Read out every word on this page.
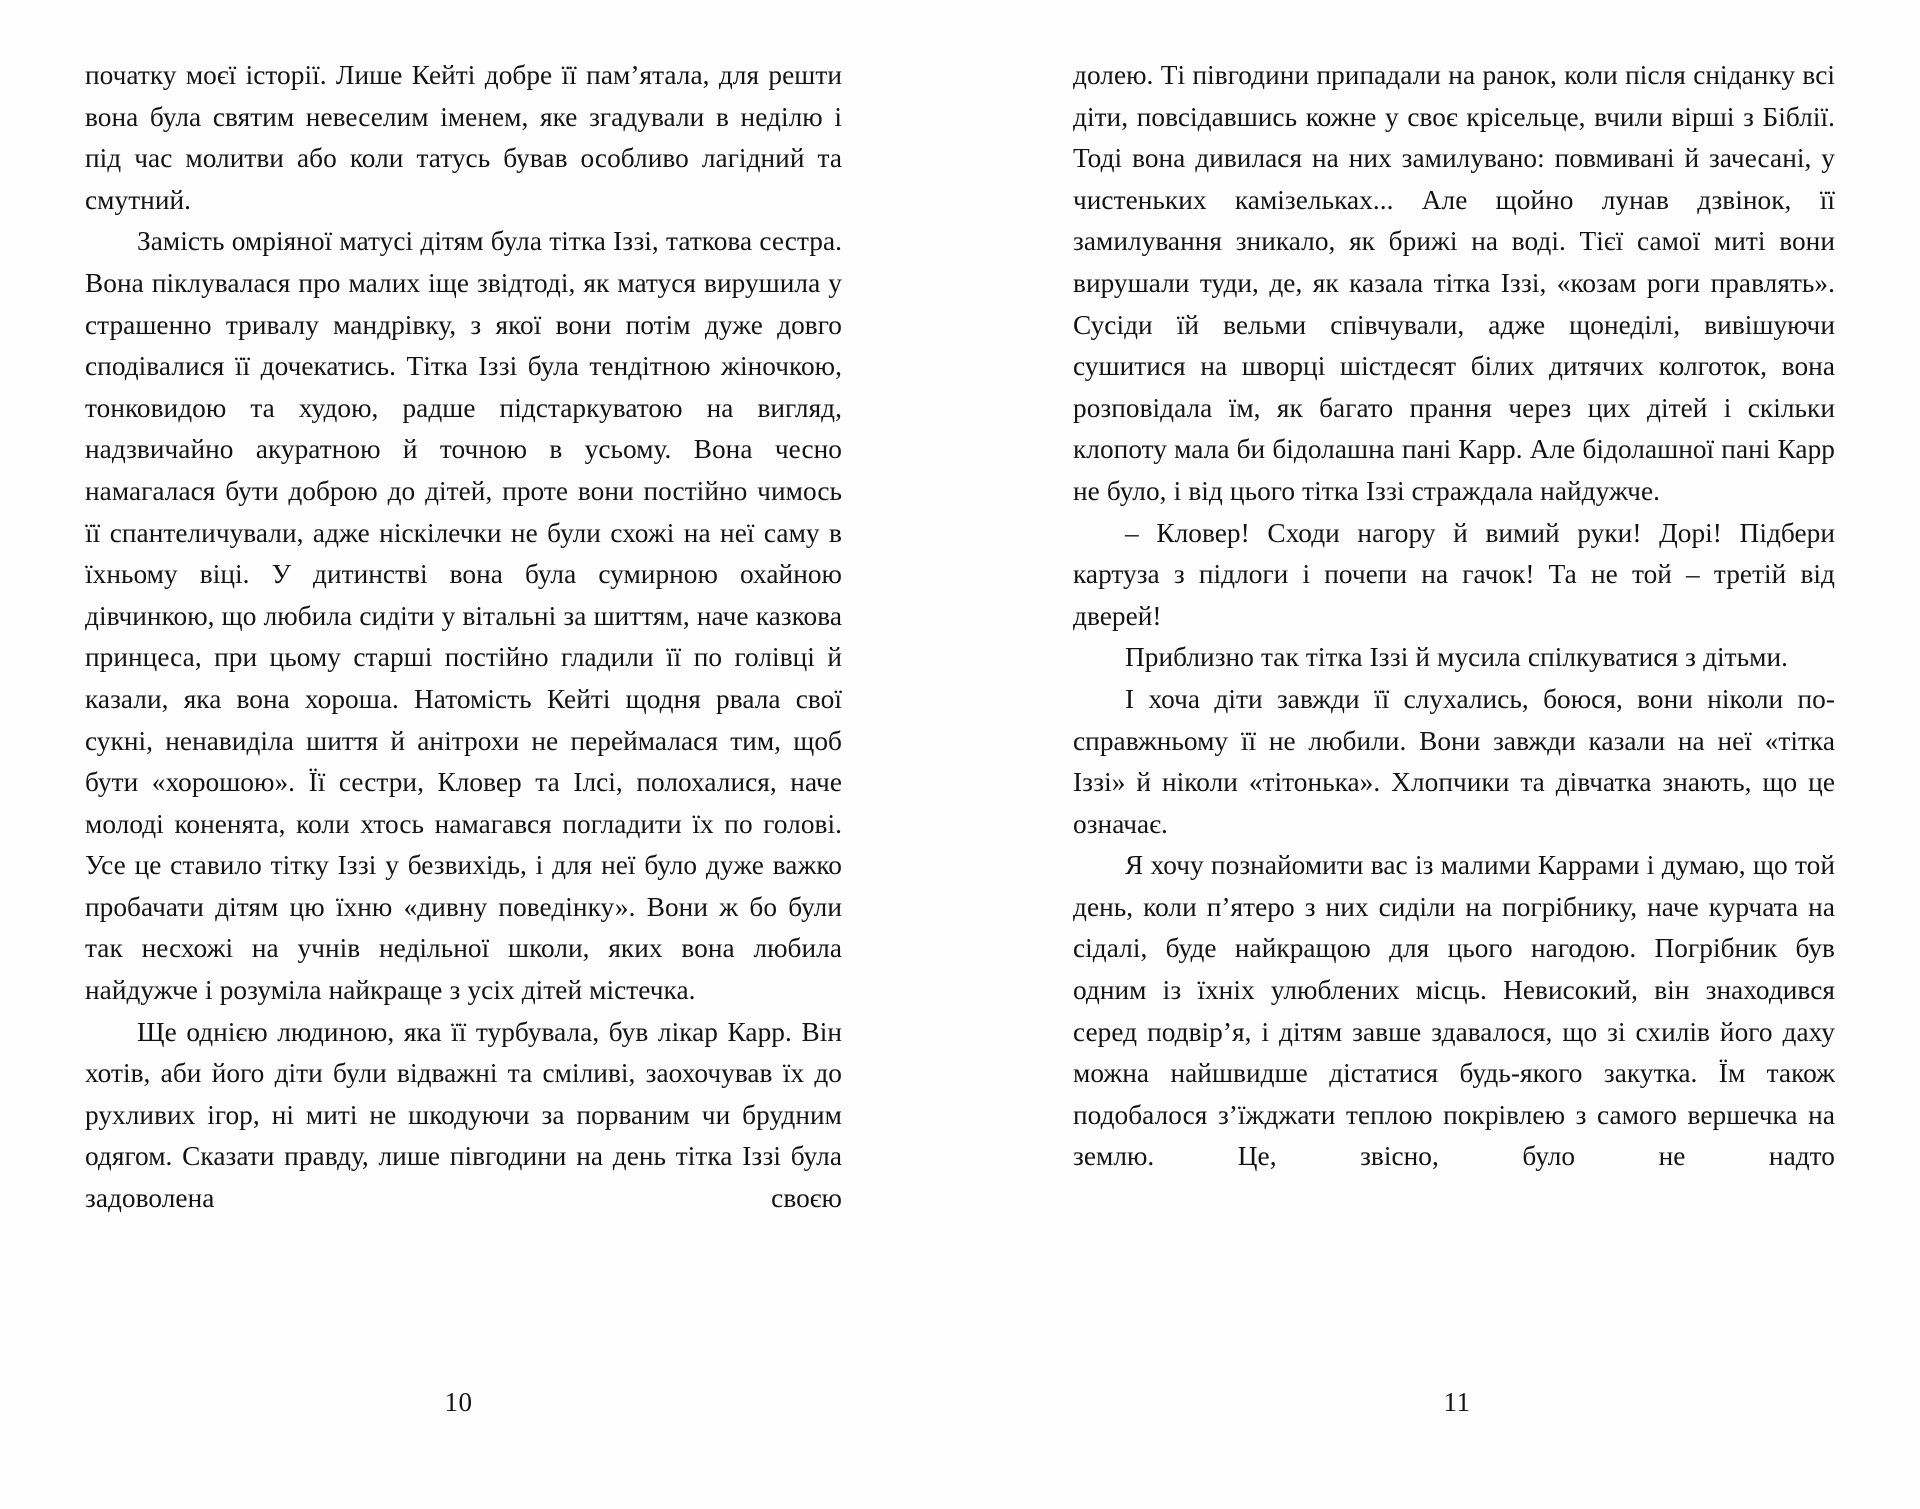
початку моєї історії. Лише Кейті добре її пам’ятала, для решти вона була святим невеселим іменем, яке згадували в неділю і під час молитви або коли татусь бував особливо лагідний та смутний.

Замість омріяної матусі дітям була тітка Іззі, таткова сестра. Вона піклувалася про малих іще звідтоді, як матуся вирушила у страшенно тривалу мандрівку, з якої вони потім дуже довго сподівалися її дочекатись. Тітка Іззі була тендітною жіночкою, тонковидою та худою, радше підстаркуватою на вигляд, надзвичайно акуратною й точною в усьому. Вона чесно намагалася бути доброю до дітей, проте вони постійно чимось її спантеличували, адже ніскілечки не були схожі на неї саму в їхньому віці. У дитинстві вона була сумирною охайною дівчинкою, що любила сидіти у вітальні за шиттям, наче казкова принцеса, при цьому старші постійно гладили її по голівці й казали, яка вона хороша. Натомість Кейті щодня рвала свої сукні, ненавиділа шиття й анітрохи не переймалася тим, щоб бути «хорошою». Її сестри, Кловер та Ілсі, полохалися, наче молоді коненята, коли хтось намагався погладити їх по голові. Усе це ставило тітку Іззі у безвихідь, і для неї було дуже важко пробачати дітям цю їхню «дивну поведінку». Вони ж бо були так несхожі на учнів недільної школи, яких вона любила найдужче і розуміла найкраще з усіх дітей містечка.

Ще однією людиною, яка її турбувала, був лікар Карр. Він хотів, аби його діти були відважні та сміливі, заохочував їх до рухливих ігор, ні миті не шкодуючи за порваним чи брудним одягом. Сказати правду, лише півгодини на день тітка Іззі була задоволена своєю

10

долею. Ті півгодини припадали на ранок, коли після сніданку всі діти, повсідавшись кожне у своє крісельце, вчили вірші з Біблії. Тоді вона дивилася на них замилувано: повмивані й зачесані, у чистеньких камізельках... Але щойно лунав дзвінок, її замилування зникало, як брижі на воді. Тієї самої миті вони вирушали туди, де, як казала тітка Іззі, «козам роги правлять». Сусіди їй вельми співчували, адже щонеділі, вивішуючи сушитися на шворці шістдесят білих дитячих колготок, вона розповідала їм, як багато прання через цих дітей і скільки клопоту мала би бідолашна пані Карр. Але бідолашної пані Карр не було, і від цього тітка Іззі страждала найдужче.

– Кловер! Сходи нагору й вимий руки! Дорі! Підбери картуза з підлоги і почепи на гачок! Та не той – третій від дверей!

Приблизно так тітка Іззі й мусила спілкуватися з дітьми.

І хоча діти завжди її слухались, боюся, вони ніколи по-справжньому її не любили. Вони завжди казали на неї «тітка Іззі» й ніколи «тітонька». Хлопчики та дівчатка знають, що це означає.

Я хочу познайомити вас із малими Каррами і думаю, що той день, коли п’ятеро з них сиділи на погрібнику, наче курчата на сідалі, буде найкращою для цього нагодою. Погрібник був одним із їхніх улюблених місць. Невисокий, він знаходився серед подвір’я, і дітям завше здавалося, що зі схилів його даху можна найшвидше дістатися будь-якого закутка. Їм також подобалося з’їжджати теплою покрівлею з самого вершечка на землю. Це, звісно, було не надто

11
